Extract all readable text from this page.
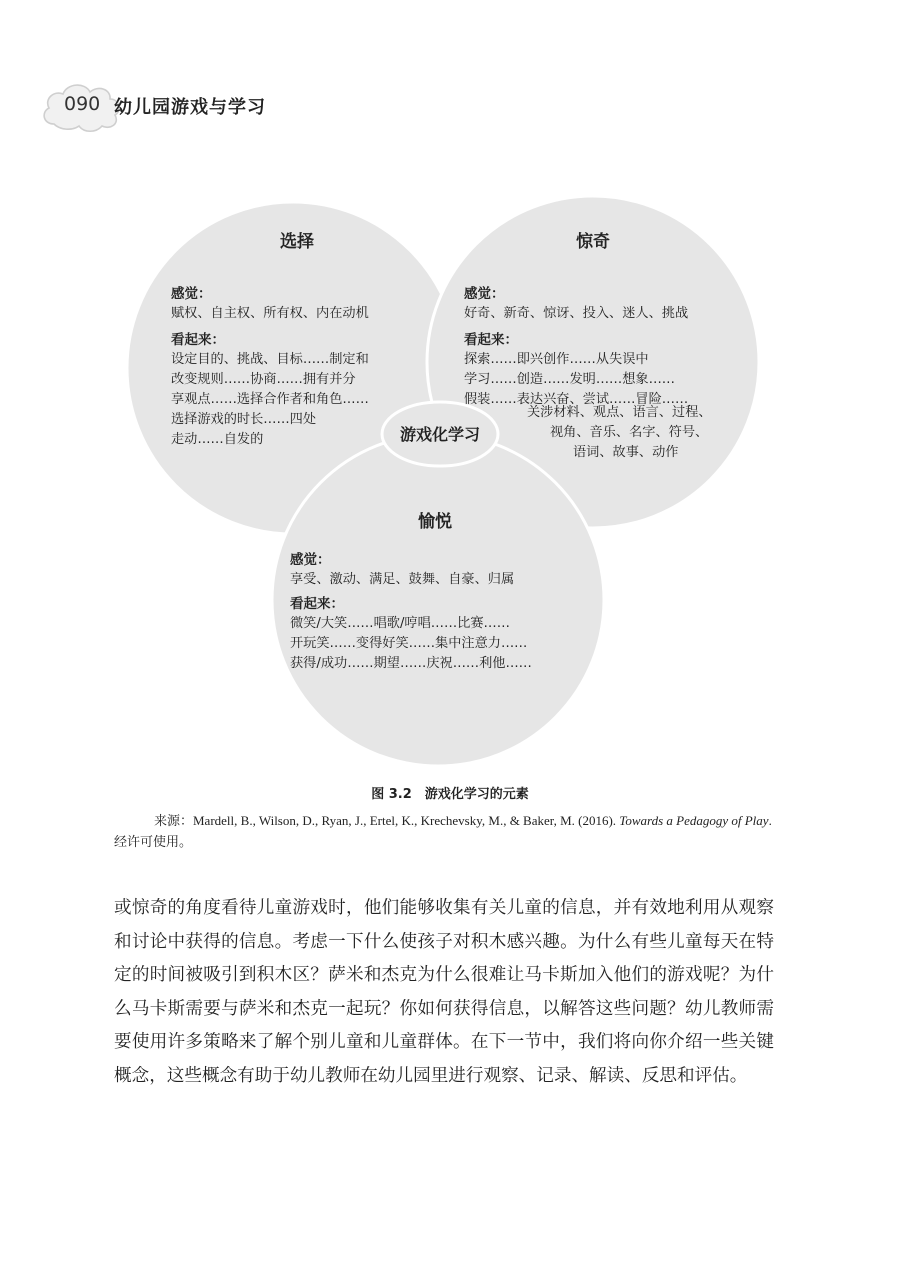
090 幼儿园游戏与学习
选择
感觉：
赋权、自主权、所有权、内在动机
看起来：
设定目的、挑战、目标……制定和
改变规则……协商……拥有并分
享观点……选择合作者和角色……
选择游戏的时长……四处
走动……自发的
惊奇
感觉：
好奇、新奇、惊讶、投入、迷人、挑战
看起来：
探索……即兴创作……从失误中
学习……创造……发明……想象……
假装……表达兴奋、尝试……冒险……
关涉材料、观点、语言、过程、
视角、音乐、名字、符号、
语词、故事、动作
游戏化学习
愉悦
感觉：
享受、激动、满足、鼓舞、自豪、归属
看起来：
微笑/大笑……唱歌/哼唱……比赛……
开玩笑……变得好笑……集中注意力……
获得/成功……期望……庆祝……利他……
图 3.2　游戏化学习的元素
来源：Mardell, B., Wilson, D., Ryan, J., Ertel, K., Krechevsky, M., & Baker, M. (2016). Towards a Pedagogy of Play. 经许可使用。

或惊奇的角度看待儿童游戏时，他们能够收集有关儿童的信息，并有效地利用从观察和讨论中获得的信息。考虑一下什么使孩子对积木感兴趣。为什么有些儿童每天在特定的时间被吸引到积木区？萨米和杰克为什么很难让马卡斯加入他们的游戏呢？为什么马卡斯需要与萨米和杰克一起玩？你如何获得信息，以解答这些问题？幼儿教师需要使用许多策略来了解个别儿童和儿童群体。在下一节中，我们将向你介绍一些关键概念，这些概念有助于幼儿教师在幼儿园里进行观察、记录、解读、反思和评估。
